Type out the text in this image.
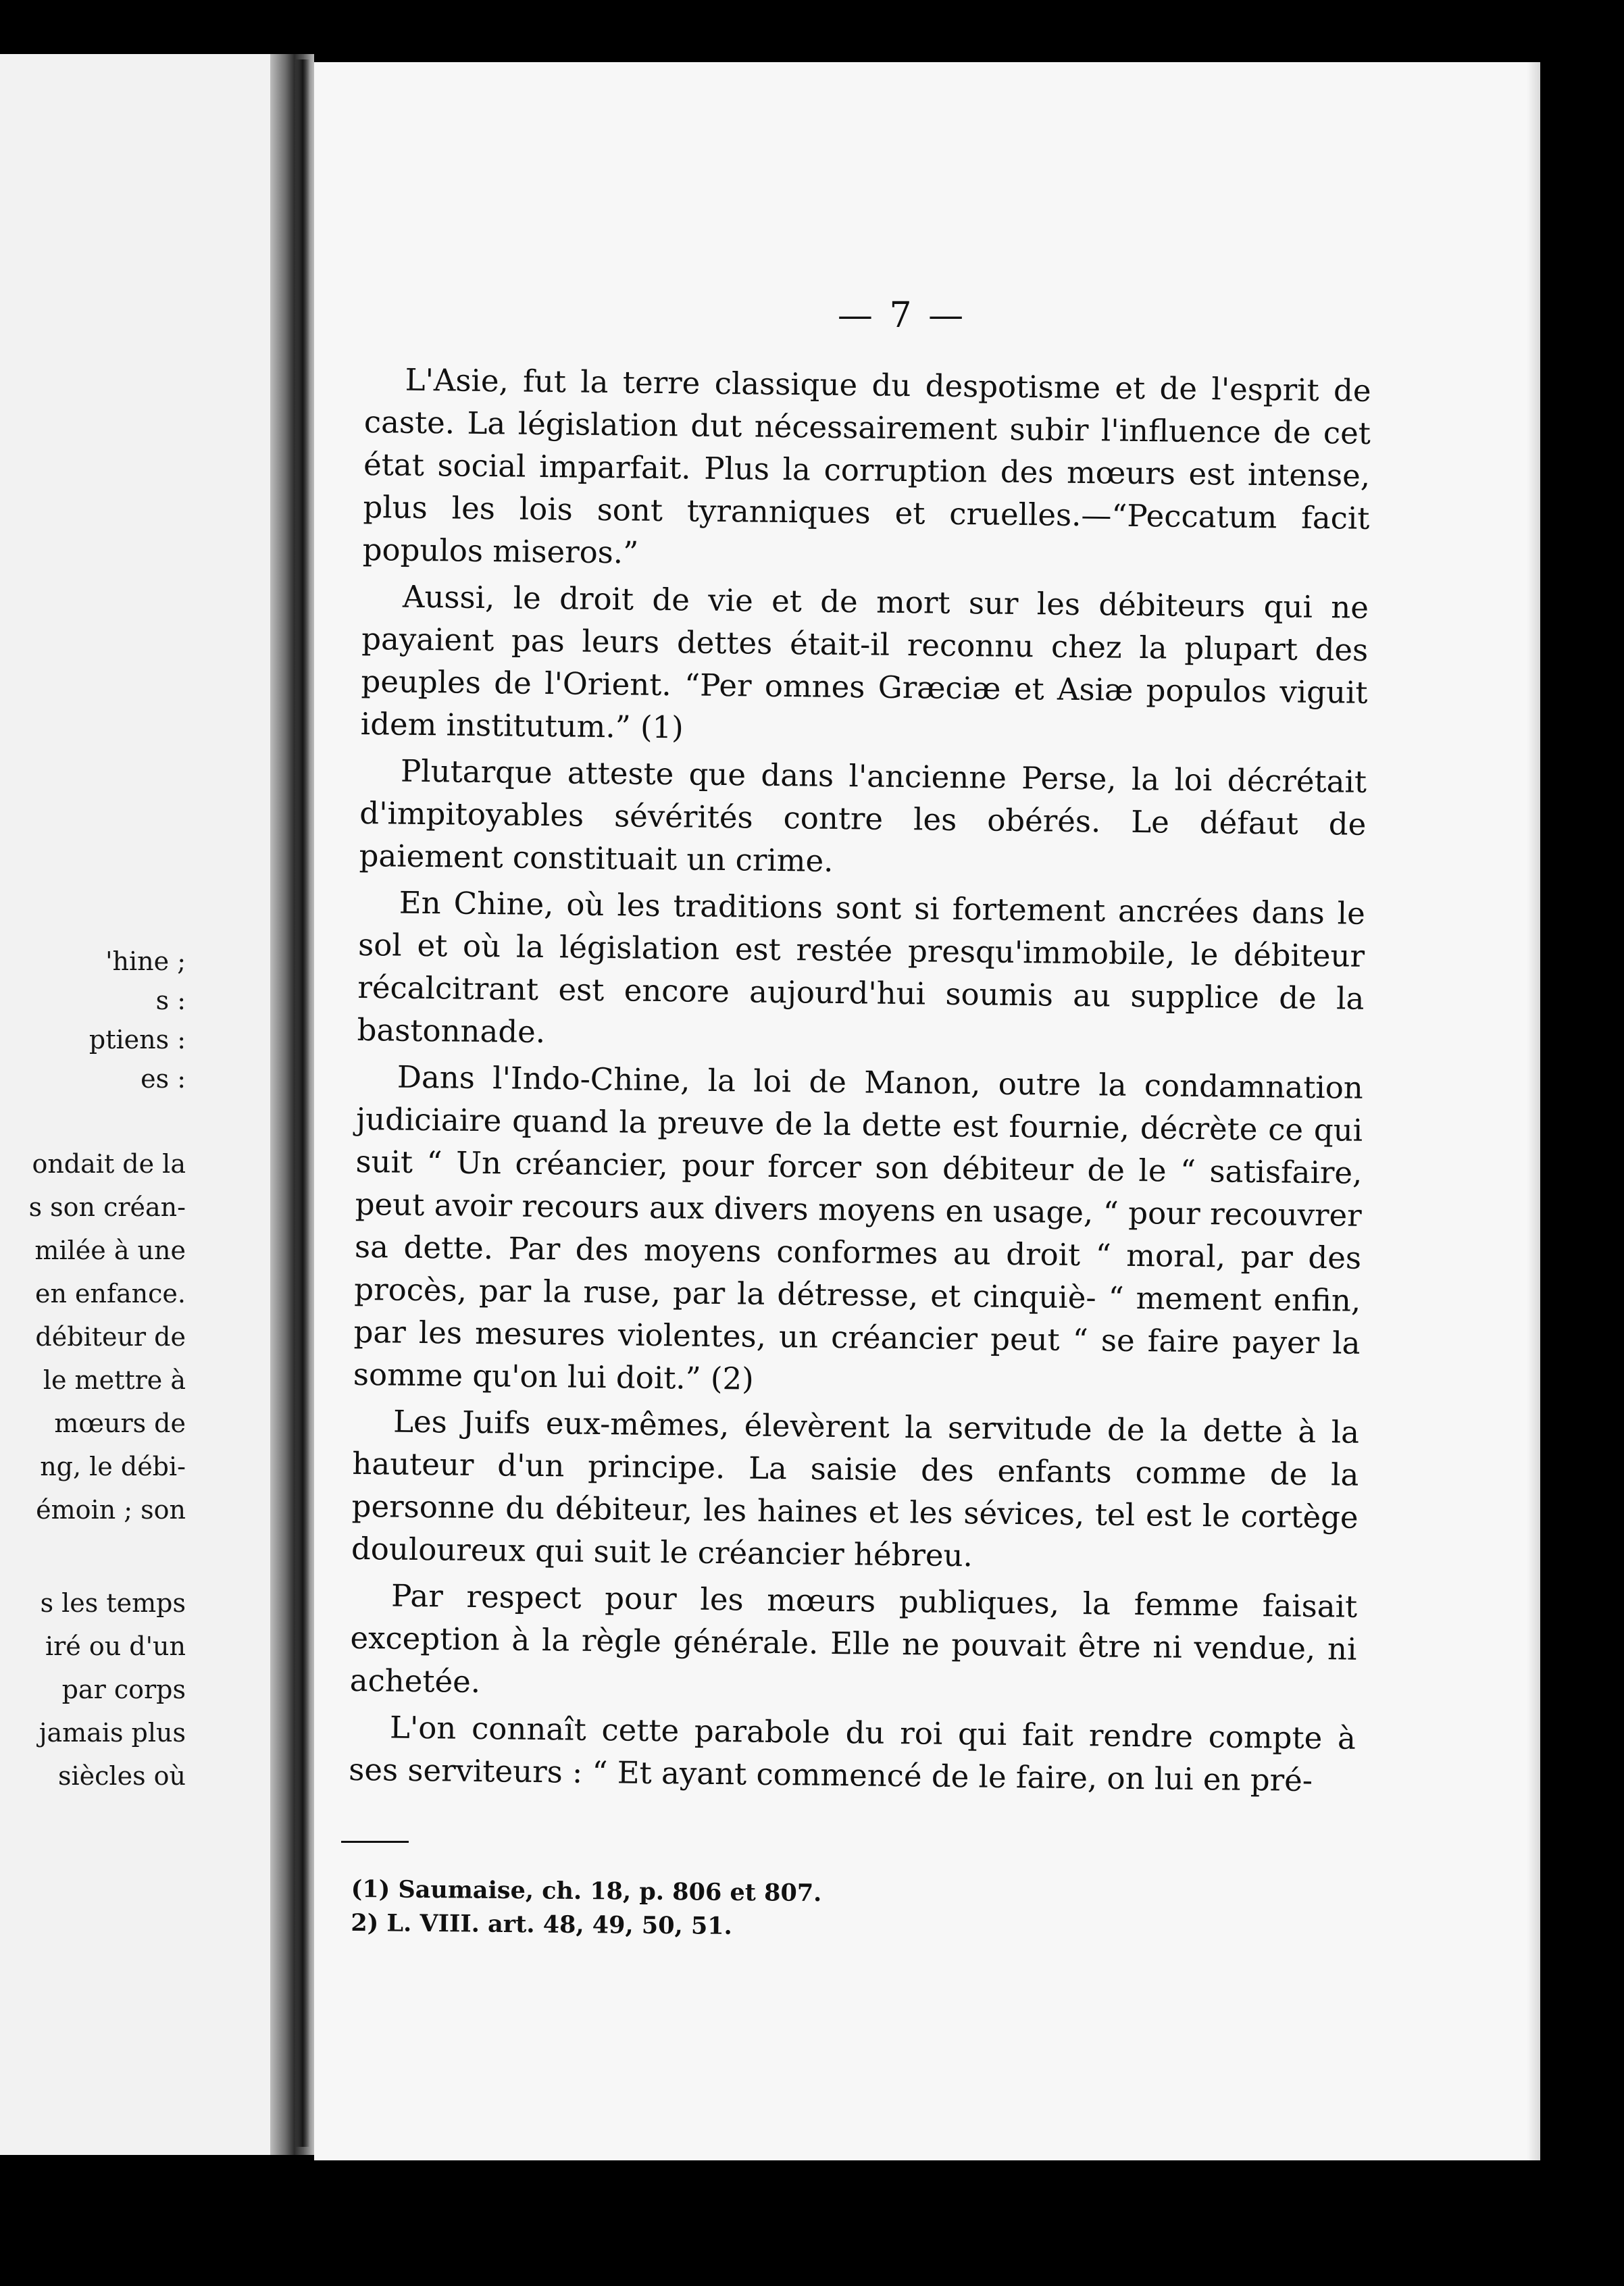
'hine ;
s :
ptiens :
es :
ondait de la
s son créan-
milée à une
en enfance.
débiteur de
le mettre à
mœurs de
ng, le débi-
émoin ; son
s les temps
iré ou d'un
par corps
jamais plus
siècles où
— 7 —

L'Asie, fut la terre classique du despotisme et de l'esprit de caste. La législation dut nécessairement subir l'influence de cet état social imparfait. Plus la corruption des mœurs est intense, plus les lois sont tyranniques et cruelles.—“Peccatum facit populos miseros.”

Aussi, le droit de vie et de mort sur les débiteurs qui ne payaient pas leurs dettes était-il reconnu chez la plupart des peuples de l'Orient. “Per omnes Græciæ et Asiæ populos viguit idem institutum.” (1)

Plutarque atteste que dans l'ancienne Perse, la loi décrétait d'impitoyables sévérités contre les obérés. Le défaut de paiement constituait un crime.

En Chine, où les traditions sont si fortement ancrées dans le sol et où la législation est restée presqu'immobile, le débiteur récalcitrant est encore aujourd'hui soumis au supplice de la bastonnade.

Dans l'Indo-Chine, la loi de Manon, outre la condamnation judiciaire quand la preuve de la dette est fournie, décrète ce qui suit “ Un créancier, pour forcer son débiteur de le “ satisfaire, peut avoir recours aux divers moyens en usage, “ pour recouvrer sa dette. Par des moyens conformes au droit “ moral, par des procès, par la ruse, par la détresse, et cinquiè- “ mement enfin, par les mesures violentes, un créancier peut “ se faire payer la somme qu'on lui doit.” (2)

Les Juifs eux-mêmes, élevèrent la servitude de la dette à la hauteur d'un principe. La saisie des enfants comme de la personne du débiteur, les haines et les sévices, tel est le cortège douloureux qui suit le créancier hébreu.

Par respect pour les mœurs publiques, la femme faisait exception à la règle générale. Elle ne pouvait être ni vendue, ni achetée.

L'on connaît cette parabole du roi qui fait rendre compte à ses serviteurs : “ Et ayant commencé de le faire, on lui en pré-

(1) Saumaise, ch. 18, p. 806 et 807.
2) L. VIII. art. 48, 49, 50, 51.
